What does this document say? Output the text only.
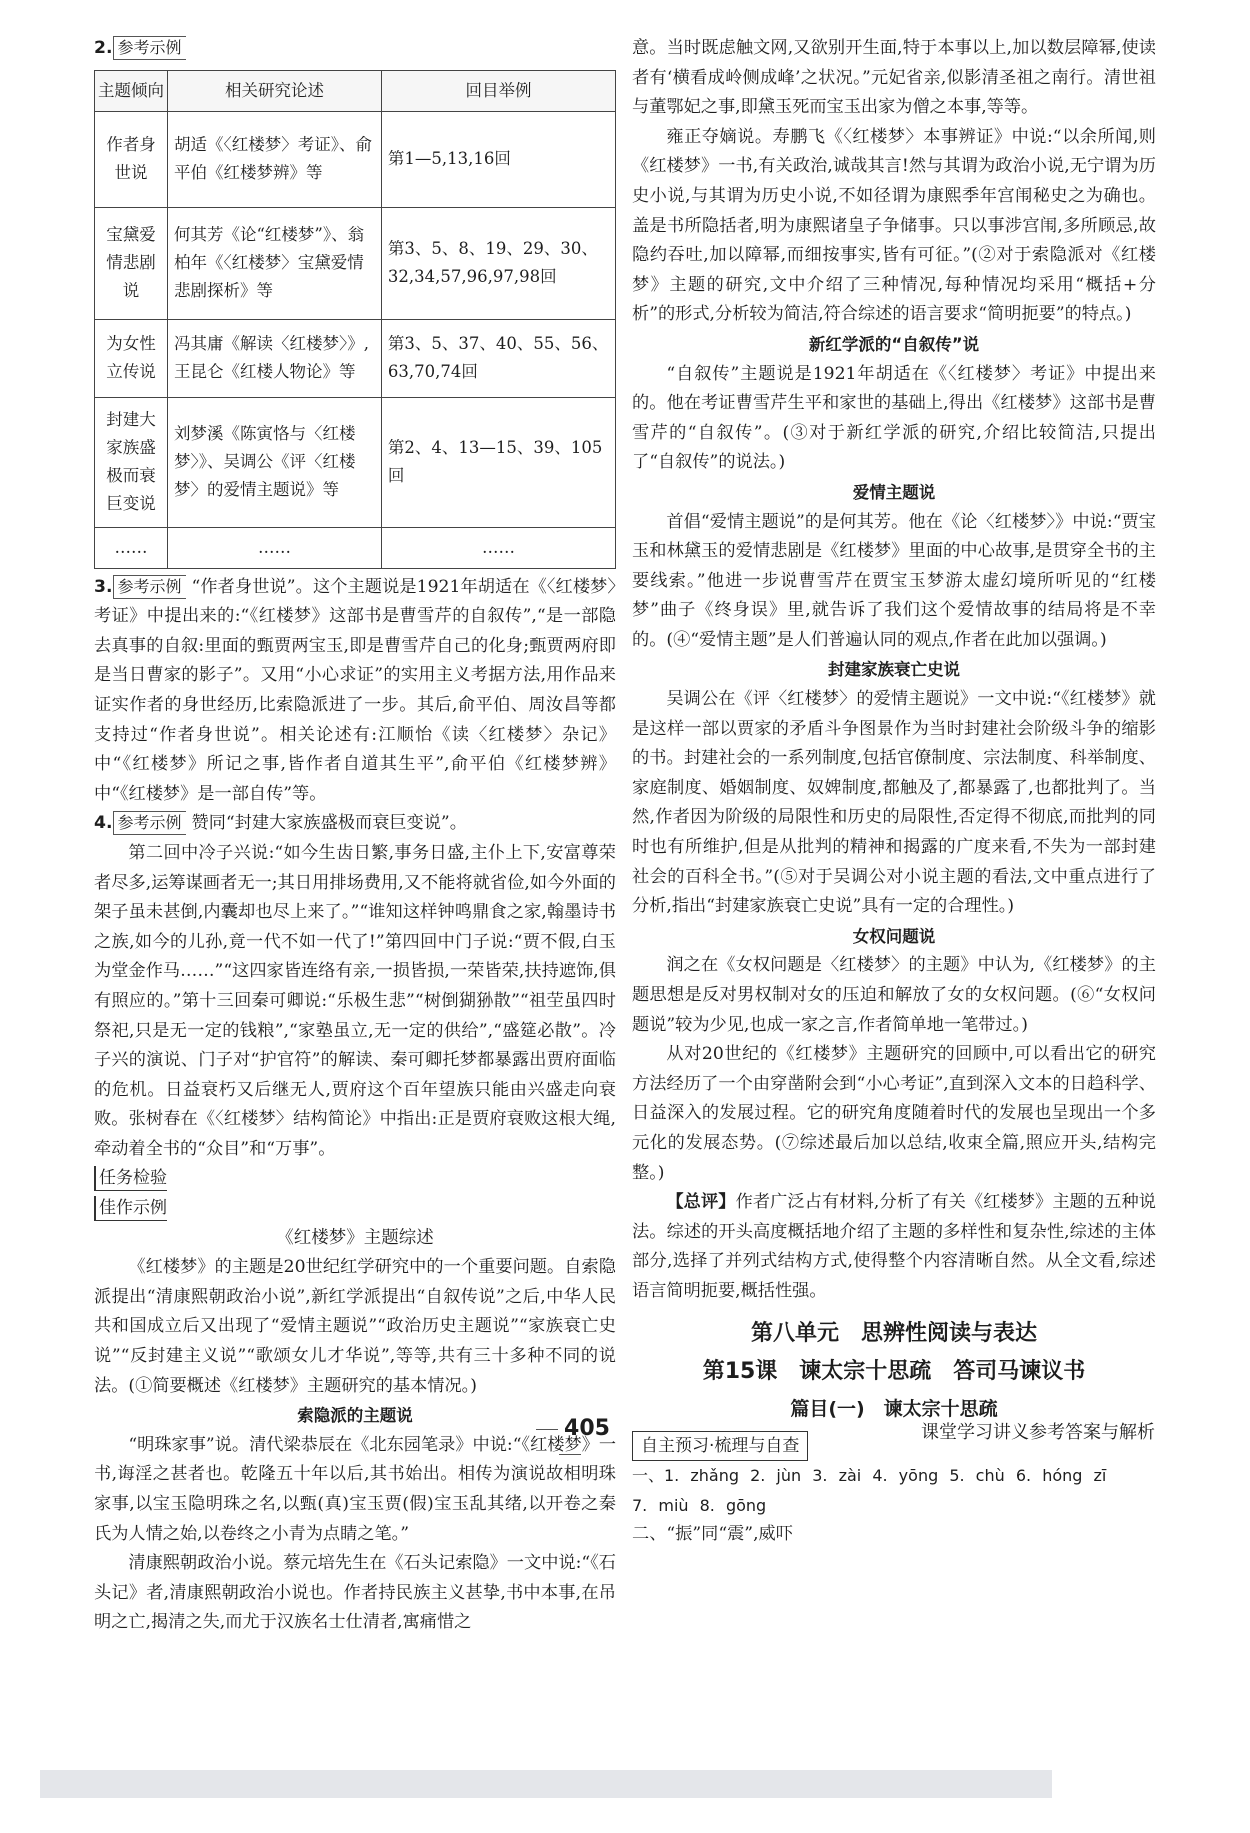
2. 参考示例
主题倾向	相关研究论述	回目举例
作者身世说	胡适《〈红楼梦〉考证》、俞平伯《红楼梦辨》等	第1—5,13,16回
宝黛爱情悲剧说	何其芳《论“红楼梦”》、翁柏年《〈红楼梦〉宝黛爱情悲剧探析》等	第3、5、8、19、29、30、32,34,57,96,97,98回
为女性立传说	冯其庸《解读〈红楼梦〉》,王昆仑《红楼人物论》等	第3、5、37、40、55、56、63,70,74回
封建大家族盛极而衰巨变说	刘梦溪《陈寅恪与〈红楼梦〉》、吴调公《评〈红楼梦〉的爱情主题说》等	第2、4、13—15、39、105回
……	……	……

3. 参考示例 “作者身世说”。这个主题说是1921年胡适在《〈红楼梦〉考证》中提出来的:“《红楼梦》这部书是曹雪芹的自叙传”,“是一部隐去真事的自叙:里面的甄贾两宝玉,即是曹雪芹自己的化身;甄贾两府即是当日曹家的影子”。又用“小心求证”的实用主义考据方法,用作品来证实作者的身世经历,比索隐派进了一步。其后,俞平伯、周汝昌等都支持过“作者身世说”。相关论述有:江顺怡《读〈红楼梦〉杂记》中“《红楼梦》所记之事,皆作者自道其生平”,俞平伯《红楼梦辨》中“《红楼梦》是一部自传”等。

4. 参考示例 赞同“封建大家族盛极而衰巨变说”。

第二回中冷子兴说:“如今生齿日繁,事务日盛,主仆上下,安富尊荣者尽多,运筹谋画者无一;其日用排场费用,又不能将就省俭,如今外面的架子虽未甚倒,内囊却也尽上来了。”“谁知这样钟鸣鼎食之家,翰墨诗书之族,如今的儿孙,竟一代不如一代了!”第四回中门子说:“贾不假,白玉为堂金作马……”“这四家皆连络有亲,一损皆损,一荣皆荣,扶持遮饰,俱有照应的。”第十三回秦可卿说:“乐极生悲”“树倒猢狲散”“祖茔虽四时祭祀,只是无一定的钱粮”,“家塾虽立,无一定的供给”,“盛筵必散”。冷子兴的演说、门子对“护官符”的解读、秦可卿托梦都暴露出贾府面临的危机。日益衰朽又后继无人,贾府这个百年望族只能由兴盛走向衰败。张树春在《〈红楼梦〉结构简论》中指出:正是贾府衰败这根大绳,牵动着全书的“众目”和“万事”。

任务检验
佳作示例
《红楼梦》主题综述

《红楼梦》的主题是20世纪红学研究中的一个重要问题。自索隐派提出“清康熙朝政治小说”,新红学派提出“自叙传说”之后,中华人民共和国成立后又出现了“爱情主题说”“政治历史主题说”“家族衰亡史说”“反封建主义说”“歌颂女儿才华说”,等等,共有三十多种不同的说法。(①简要概述《红楼梦》主题研究的基本情况。)

索隐派的主题说

“明珠家事”说。清代梁恭辰在《北东园笔录》中说:“《红楼梦》一书,诲淫之甚者也。乾隆五十年以后,其书始出。相传为演说故相明珠家事,以宝玉隐明珠之名,以甄(真)宝玉贾(假)宝玉乱其绪,以开卷之秦氏为人情之始,以卷终之小青为点睛之笔。”

清康熙朝政治小说。蔡元培先生在《石头记索隐》一文中说:“《石头记》者,清康熙朝政治小说也。作者持民族主义甚挚,书中本事,在吊明之亡,揭清之失,而尤于汉族名士仕清者,寓痛惜之

意。当时既虑触文网,又欲别开生面,特于本事以上,加以数层障幂,使读者有‘横看成岭侧成峰’之状况。”元妃省亲,似影清圣祖之南行。清世祖与董鄂妃之事,即黛玉死而宝玉出家为僧之本事,等等。

雍正夺嫡说。寿鹏飞《〈红楼梦〉本事辨证》中说:“以余所闻,则《红楼梦》一书,有关政治,诚哉其言!然与其谓为政治小说,无宁谓为历史小说,与其谓为历史小说,不如径谓为康熙季年宫闱秘史之为确也。盖是书所隐括者,明为康熙诸皇子争储事。只以事涉宫闱,多所顾忌,故隐约吞吐,加以障幂,而细按事实,皆有可征。”(②对于索隐派对《红楼梦》主题的研究,文中介绍了三种情况,每种情况均采用“概括+分析”的形式,分析较为简洁,符合综述的语言要求“简明扼要”的特点。)

新红学派的“自叙传”说

“自叙传”主题说是1921年胡适在《〈红楼梦〉考证》中提出来的。他在考证曹雪芹生平和家世的基础上,得出《红楼梦》这部书是曹雪芹的“自叙传”。(③对于新红学派的研究,介绍比较简洁,只提出了“自叙传”的说法。)

爱情主题说

首倡“爱情主题说”的是何其芳。他在《论〈红楼梦〉》中说:“贾宝玉和林黛玉的爱情悲剧是《红楼梦》里面的中心故事,是贯穿全书的主要线索。”他进一步说曹雪芹在贾宝玉梦游太虚幻境所听见的“红楼梦”曲子《终身误》里,就告诉了我们这个爱情故事的结局将是不幸的。(④“爱情主题”是人们普遍认同的观点,作者在此加以强调。)

封建家族衰亡史说

吴调公在《评〈红楼梦〉的爱情主题说》一文中说:“《红楼梦》就是这样一部以贾家的矛盾斗争图景作为当时封建社会阶级斗争的缩影的书。封建社会的一系列制度,包括官僚制度、宗法制度、科举制度、家庭制度、婚姻制度、奴婢制度,都触及了,都暴露了,也都批判了。当然,作者因为阶级的局限性和历史的局限性,否定得不彻底,而批判的同时也有所维护,但是从批判的精神和揭露的广度来看,不失为一部封建社会的百科全书。”(⑤对于吴调公对小说主题的看法,文中重点进行了分析,指出“封建家族衰亡史说”具有一定的合理性。)

女权问题说

润之在《女权问题是〈红楼梦〉的主题》中认为,《红楼梦》的主题思想是反对男权制对女的压迫和解放了女的女权问题。(⑥“女权问题说”较为少见,也成一家之言,作者简单地一笔带过。)

从对20世纪的《红楼梦》主题研究的回顾中,可以看出它的研究方法经历了一个由穿凿附会到“小心考证”,直到深入文本的日趋科学、日益深入的发展过程。它的研究角度随着时代的发展也呈现出一个多元化的发展态势。(⑦综述最后加以总结,收束全篇,照应开头,结构完整。)

【总评】作者广泛占有材料,分析了有关《红楼梦》主题的五种说法。综述的开头高度概括地介绍了主题的多样性和复杂性,综述的主体部分,选择了并列式结构方式,使得整个内容清晰自然。从全文看,综述语言简明扼要,概括性强。

第八单元　思辨性阅读与表达
第15课　谏太宗十思疏　答司马谏议书
篇目(一)　谏太宗十思疏
自主预习·梳理与自查
一、1. zhǎng 2. jùn 3. zài 4. yōng 5. chù 6. hóng zī
7. miù 8. gōng
二、“振”同“震”,威吓
405	课堂学习讲义参考答案与解析
